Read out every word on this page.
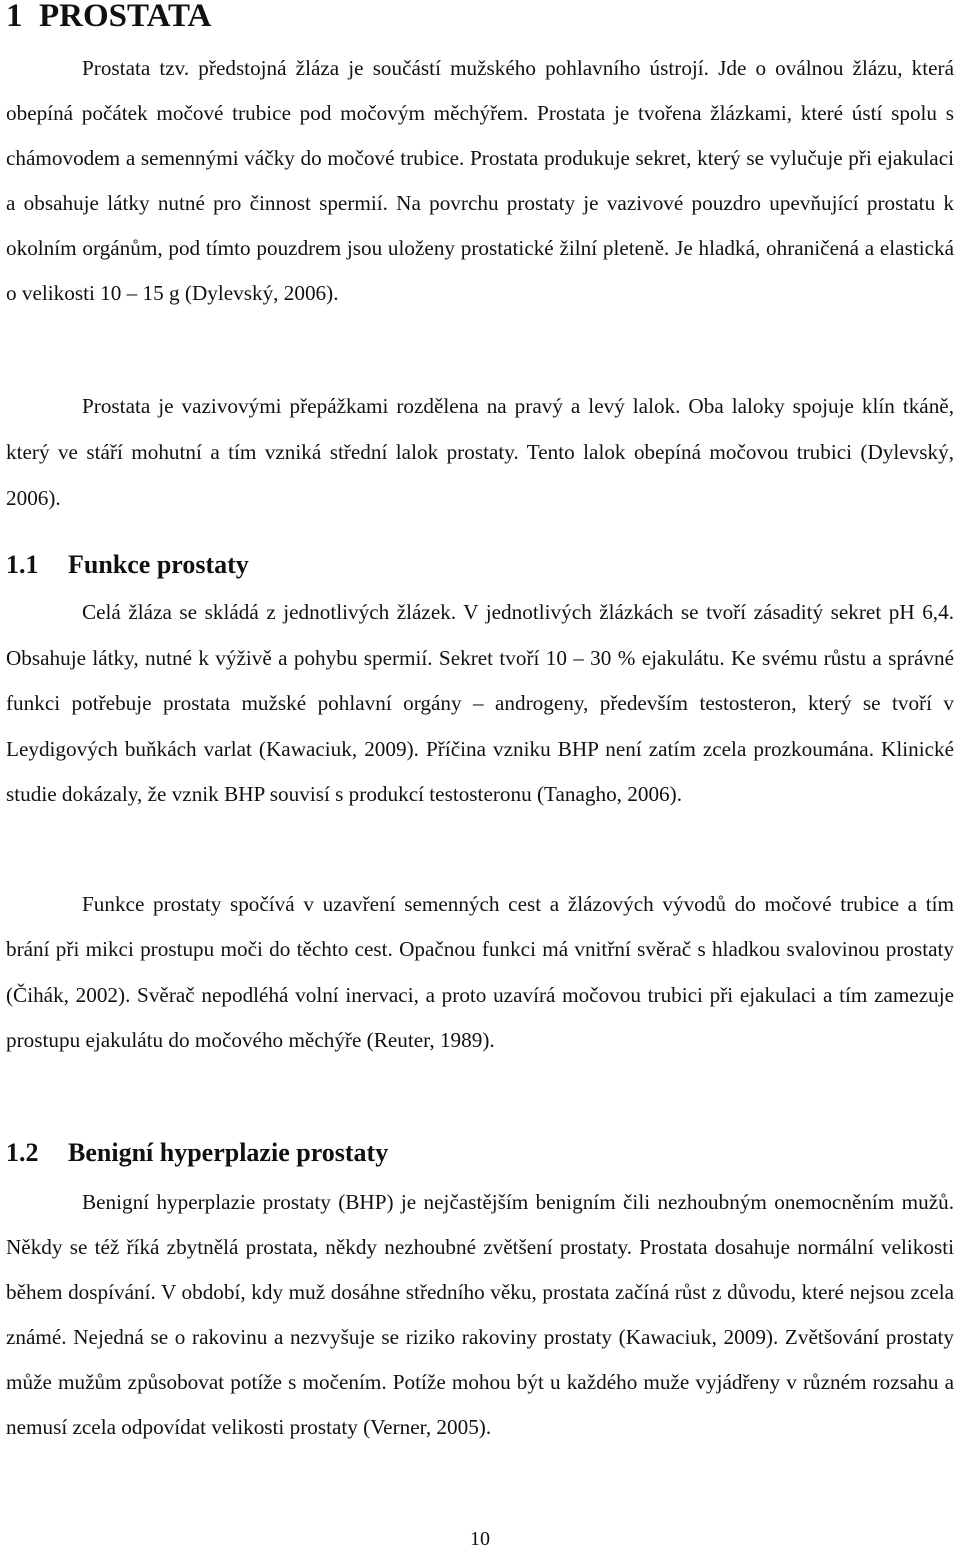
1 PROSTATA

Prostata tzv. předstojná žláza je součástí mužského pohlavního ústrojí. Jde o oválnou žlázu, která obepíná počátek močové trubice pod močovým měchýřem. Prostata je tvořena žlázkami, které ústí spolu s chámovodem a semennými váčky do močové trubice. Prostata produkuje sekret, který se vylučuje při ejakulaci a obsahuje látky nutné pro činnost spermií. Na povrchu prostaty je vazivové pouzdro upevňující prostatu k okolním orgánům, pod tímto pouzdrem jsou uloženy prostatické žilní pleteně. Je hladká, ohraničená a elastická o velikosti 10 – 15 g (Dylevský, 2006).

Prostata je vazivovými přepážkami rozdělena na pravý a levý lalok. Oba laloky spojuje klín tkáně, který ve stáří mohutní a tím vzniká střední lalok prostaty. Tento lalok obepíná močovou trubici (Dylevský, 2006).

1.1 Funkce prostaty

Celá žláza se skládá z jednotlivých žlázek. V jednotlivých žlázkách se tvoří zásaditý sekret pH 6,4. Obsahuje látky, nutné k výživě a pohybu spermií. Sekret tvoří 10 – 30 % ejakulátu. Ke svému růstu a správné funkci potřebuje prostata mužské pohlavní orgány – androgeny, především testosteron, který se tvoří v Leydigových buňkách varlat (Kawaciuk, 2009). Příčina vzniku BHP není zatím zcela prozkoumána. Klinické studie dokázaly, že vznik BHP souvisí s produkcí testosteronu (Tanagho, 2006).

Funkce prostaty spočívá v uzavření semenných cest a žlázových vývodů do močové trubice a tím brání při mikci prostupu moči do těchto cest. Opačnou funkci má vnitřní svěrač s hladkou svalovinou prostaty (Čihák, 2002). Svěrač nepodléhá volní inervaci, a proto uzavírá močovou trubici při ejakulaci a tím zamezuje prostupu ejakulátu do močového měchýře (Reuter, 1989).

1.2 Benigní hyperplazie prostaty

Benigní hyperplazie prostaty (BHP) je nejčastějším benigním čili nezhoubným onemocněním mužů. Někdy se též říká zbytnělá prostata, někdy nezhoubné zvětšení prostaty. Prostata dosahuje normální velikosti během dospívání. V období, kdy muž dosáhne středního věku, prostata začíná růst z důvodu, které nejsou zcela známé. Nejedná se o rakovinu a nezvyšuje se riziko rakoviny prostaty (Kawaciuk, 2009). Zvětšování prostaty může mužům způsobovat potíže s močením. Potíže mohou být u každého muže vyjádřeny v různém rozsahu a nemusí zcela odpovídat velikosti prostaty (Verner, 2005).

10
